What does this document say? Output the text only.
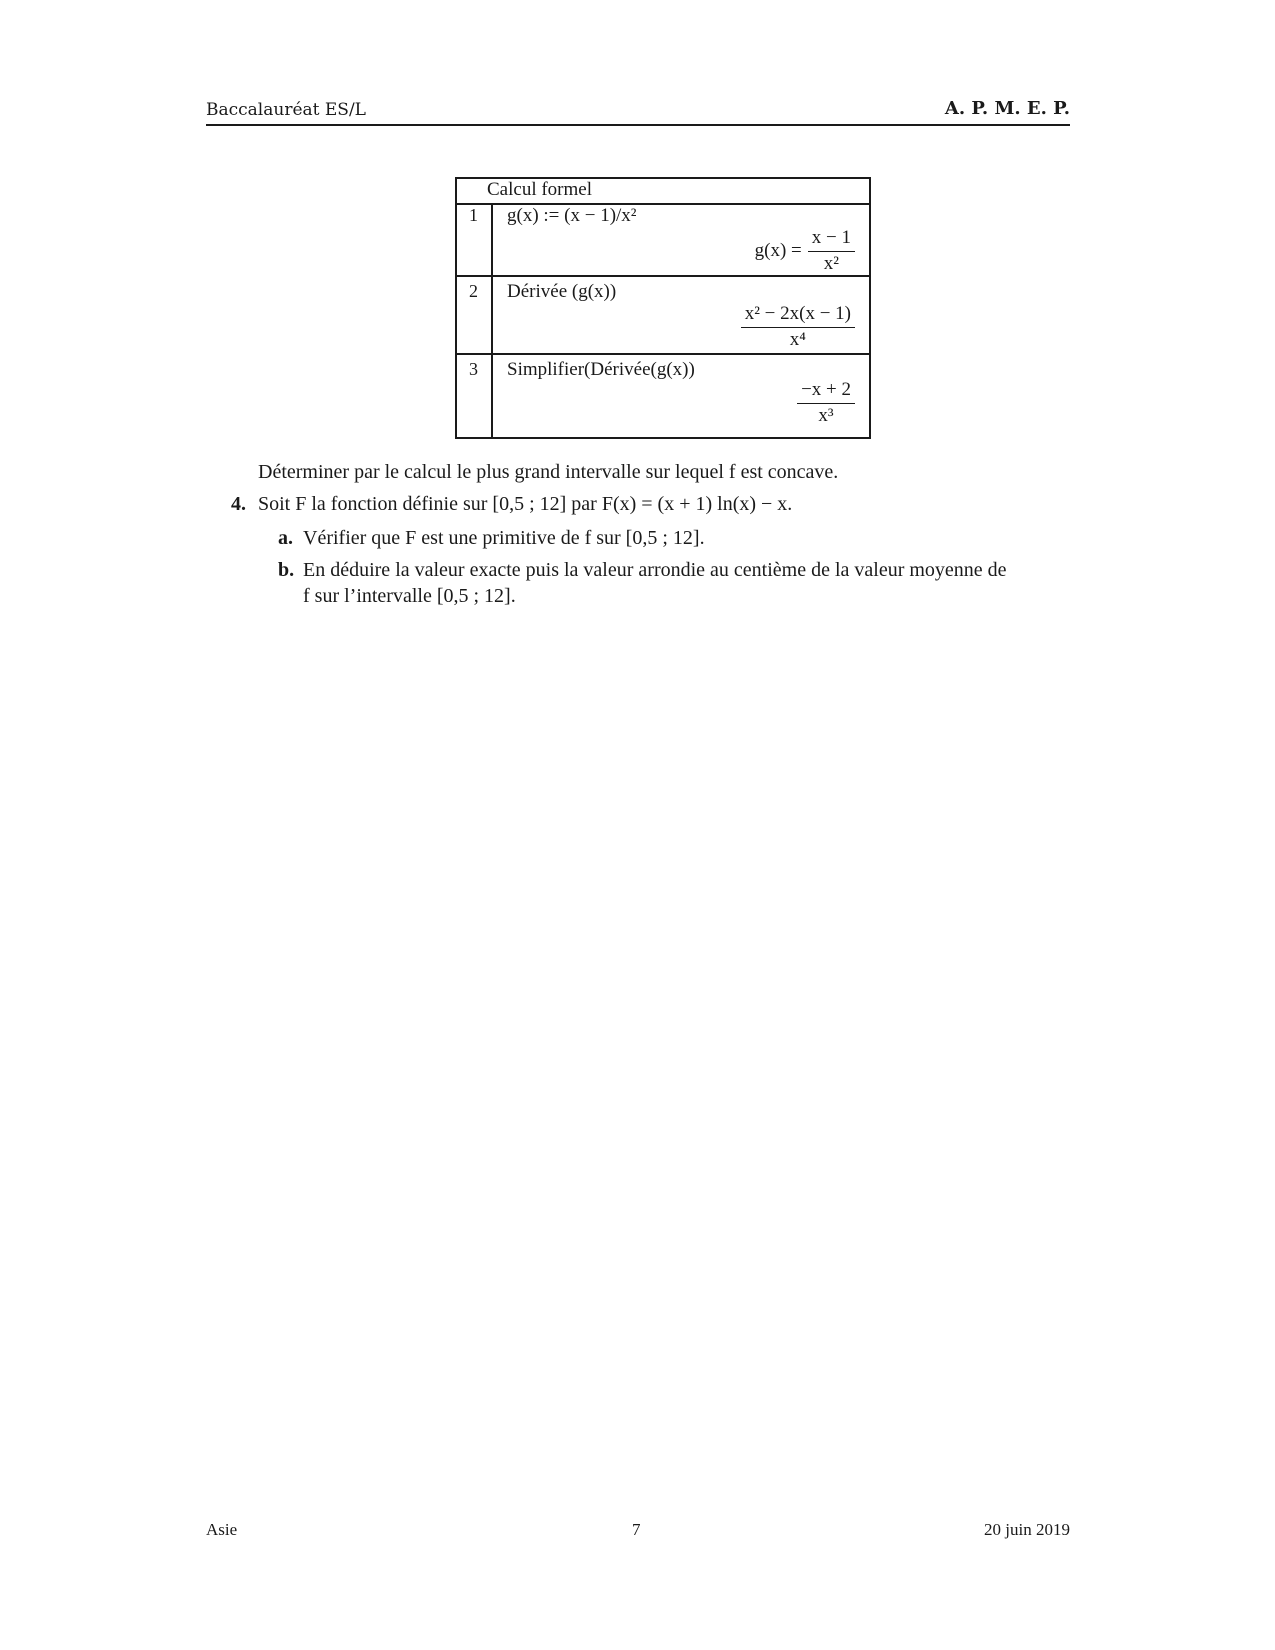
Baccalauréat ES/L	A. P. M. E. P.
Calcul formel
1 g(x) := (x − 1)/x²
$g(x) = \frac{x - 1}{\text{x²}}$
2 Dérivée (g(x))
$\frac{\text{x² − 2x(x − 1)}}{\text{x⁴}}$
3 Simplifier(Dérivée(g(x))
$\frac{-x + 2}{\text{x³}}$
Déterminer par le calcul le plus grand intervalle sur lequel f est concave.
4. Soit F la fonction définie sur [0,5 ; 12] par F(x) = (x + 1) ln(x) − x.
a. Vérifier que F est une primitive de f sur [0,5 ; 12].
b. En déduire la valeur exacte puis la valeur arrondie au centième de la valeur moyenne de
f sur l’intervalle [0,5 ; 12].
Asie	7	20 juin 2019
